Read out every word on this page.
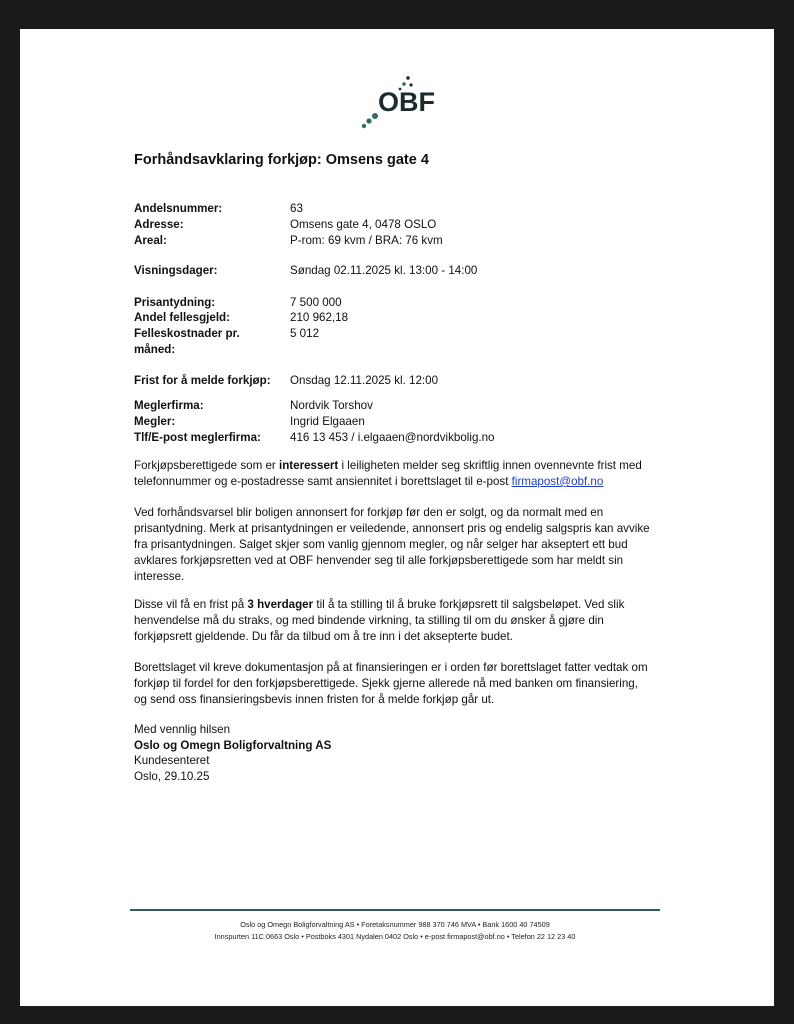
OBF
Forhåndsavklaring forkjøp: Omsens gate 4
Andelsnummer:	63
Adresse:	Omsens gate 4, 0478 OSLO
Areal:	P-rom: 69 kvm / BRA: 76 kvm
Visningsdager:	Søndag 02.11.2025 kl. 13:00 - 14:00
Prisantydning:	7 500 000
Andel fellesgjeld:	210 962,18
Felleskostnader pr.	5 012
måned:
Frist for å melde forkjøp:	Onsdag 12.11.2025 kl. 12:00
Meglerfirma:	Nordvik Torshov
Megler:	Ingrid Elgaaen
Tlf/E-post meglerfirma:	416 13 453 / i.elgaaen@nordvikbolig.no
Forkjøpsberettigede som er interessert i leiligheten melder seg skriftlig innen ovennevnte frist med telefonnummer og e-postadresse samt ansiennitet i borettslaget til e-post firmapost@obf.no
Ved forhåndsvarsel blir boligen annonsert for forkjøp før den er solgt, og da normalt med en prisantydning. Merk at prisantydningen er veiledende, annonsert pris og endelig salgspris kan avvike fra prisantydningen. Salget skjer som vanlig gjennom megler, og når selger har akseptert ett bud avklares forkjøpsretten ved at OBF henvender seg til alle forkjøpsberettigede som har meldt sin interesse.
Disse vil få en frist på 3 hverdager til å ta stilling til å bruke forkjøpsrett til salgsbeløpet. Ved slik henvendelse må du straks, og med bindende virkning, ta stilling til om du ønsker å gjøre din forkjøpsrett gjeldende. Du får da tilbud om å tre inn i det aksepterte budet.
Borettslaget vil kreve dokumentasjon på at finansieringen er i orden før borettslaget fatter vedtak om forkjøp til fordel for den forkjøpsberettigede. Sjekk gjerne allerede nå med banken om finansiering, og send oss finansieringsbevis innen fristen for å melde forkjøp går ut.
Med vennlig hilsen
Oslo og Omegn Boligforvaltning AS
Kundesenteret
Oslo, 29.10.25
Oslo og Omegn Boligforvaltning AS • Foretaksnummer 988 370 746 MVA • Bank 1600 40 74509
Innspurten 11C 0663 Oslo • Postboks 4301 Nydalen 0402 Oslo • e-post firmapost@obf.no • Telefon 22 12 23 40
